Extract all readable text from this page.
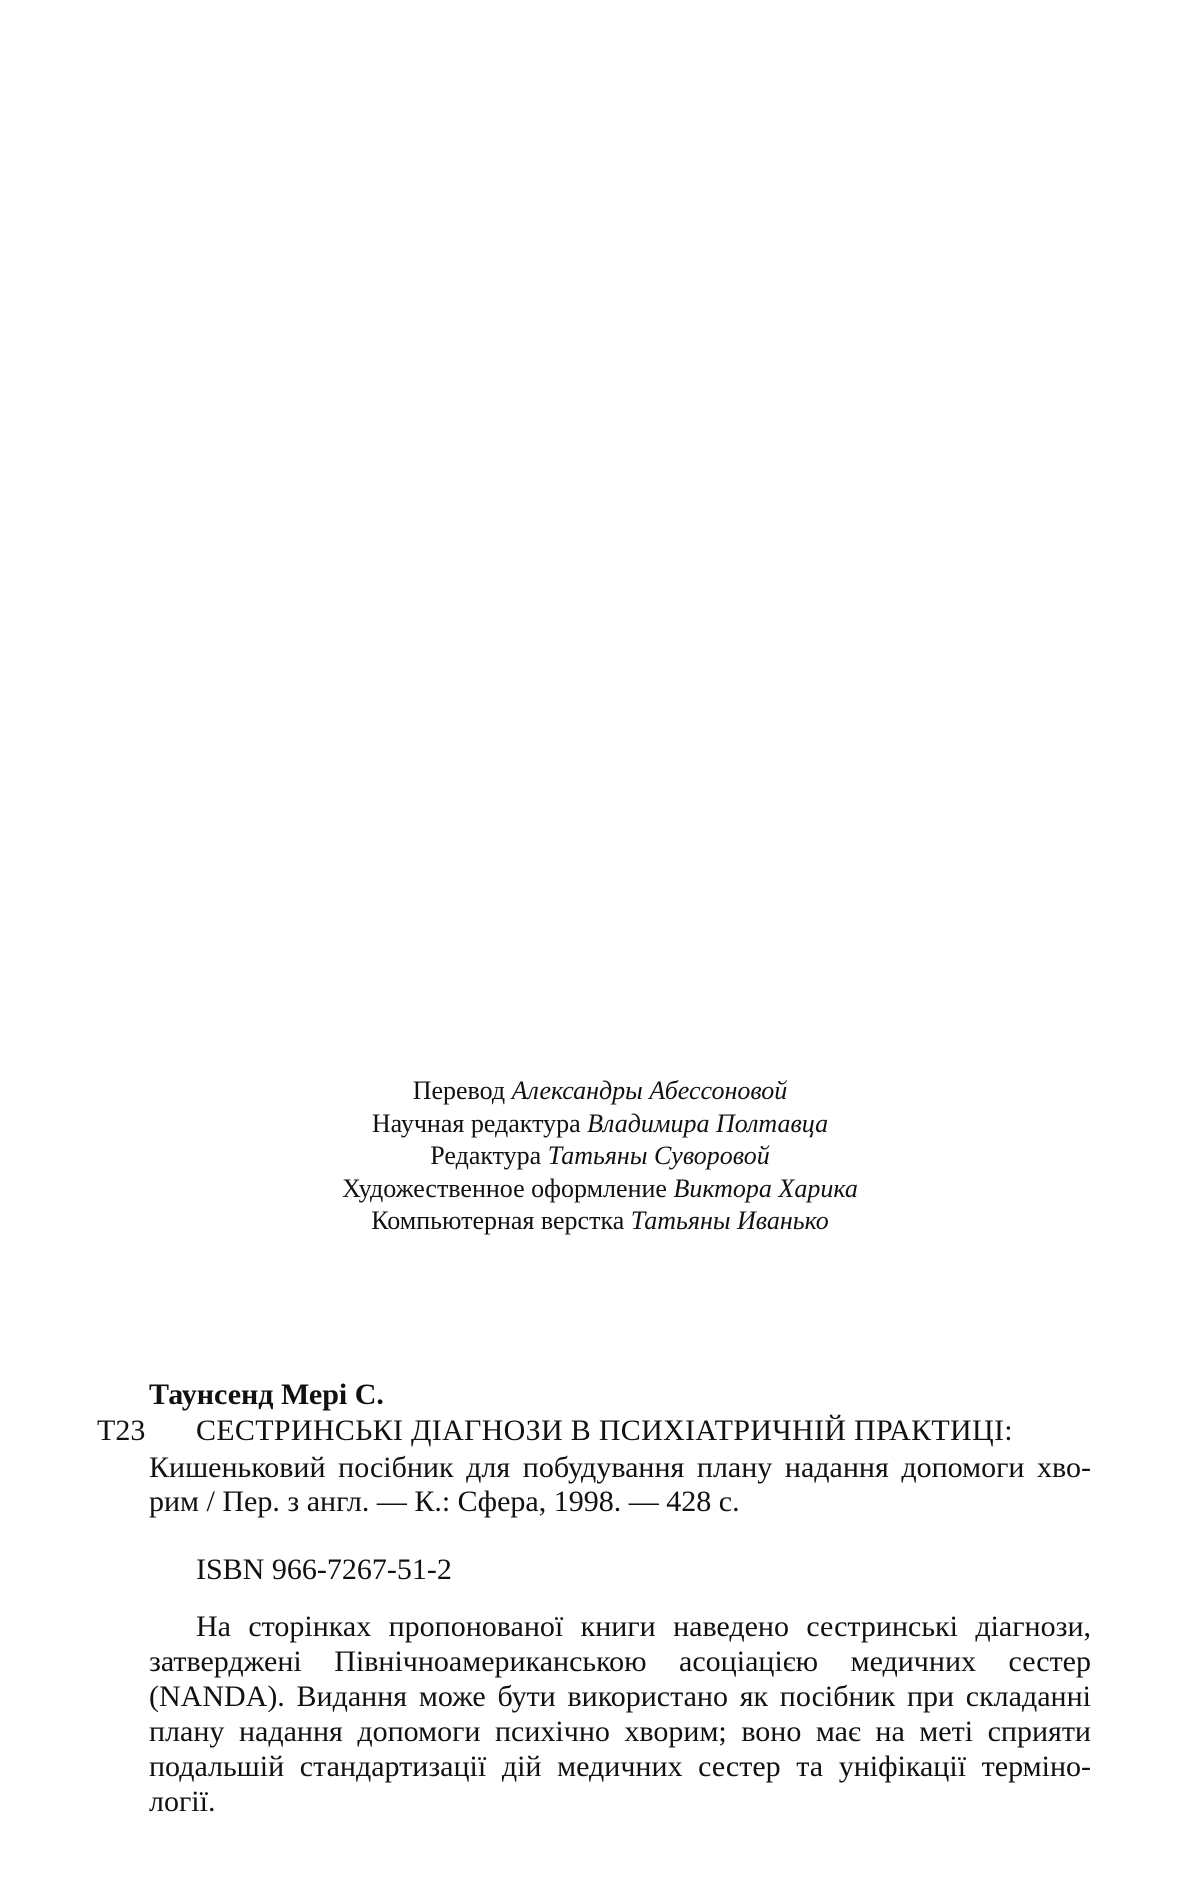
Перевод Александры Абессоновой
Научная редактура Владимира Полтавца
Редактура Татьяны Суворовой
Художественное оформление Виктора Харика
Компьютерная верстка Татьяны Иванько
Таунсенд Мері С.
Т23 СЕСТРИНСЬКІ ДІАГНОЗИ В ПСИХІАТРИЧНІЙ ПРАКТИЦІ:
Кишеньковий посібник для побудування плану надання допомоги хво-
рим / Пер. з англ. — К.: Сфера, 1998. — 428 с.
ISBN 966-7267-51-2
На сторінках пропонованої книги наведено сестринські діагнози,
затверджені Північноамериканською асоціацією медичних сестер
(NANDA). Видання може бути використано як посібник при складанні
плану надання допомоги психічно хворим; воно має на меті сприяти
подальшій стандартизації дій медичних сестер та уніфікації терміно-
логії.
